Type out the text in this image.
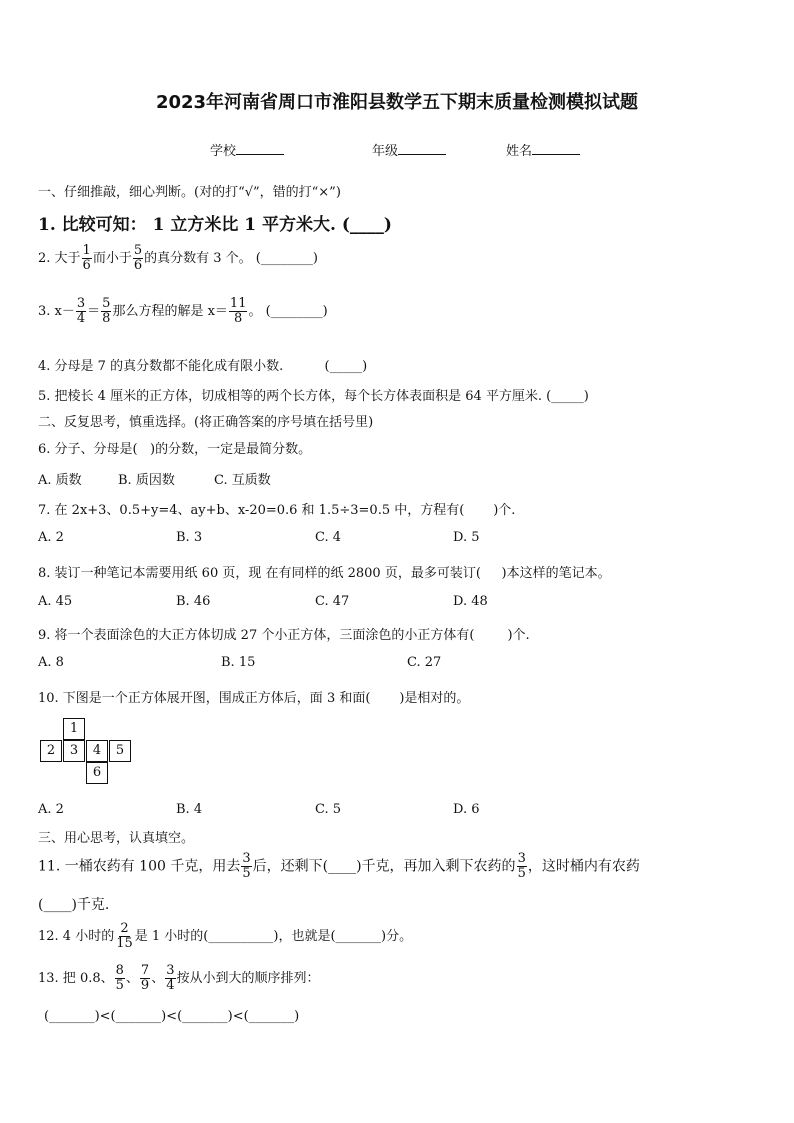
2023年河南省周口市淮阳县数学五下期末质量检测模拟试题
学校	年级	姓名
一、仔细推敲，细心判断。(对的打“√”，错的打“×”)
1. 比较可知： 1 立方米比 1 平方米大. (____)
2. 大于 $\frac{1}{6}$ 而小于 $\frac{5}{6}$ 的真分数有 3 个。 (________)
3. $x- \frac{3}{4} = \frac{5}{8}$ 那么方程的解是 $x= \frac{11}{8}$ 。 (________)
4. 分母是 7 的真分数都不能化成有限小数.          (_____)
5. 把棱长 4 厘米的正方体，切成相等的两个长方体，每个长方体表面积是 64 平方厘米. (_____)
二、反复思考，慎重选择。(将正确答案的序号填在括号里)
6. 分子、分母是(   )的分数，一定是最简分数。
A. 质数	B. 质因数	C. 互质数
7. 在 2x+3、0.5+y=4、ay+b、x-20=0.6 和 1.5÷3=0.5 中，方程有(       )个.
A. 2	B. 3	C. 4	D. 5
8. 装订一种笔记本需要用纸 60 页，现 在有同样的纸 2800 页，最多可装订(     )本这样的笔记本。
A. 45	B. 46	C. 47	D. 48
9. 将一个表面涂色的大正方体切成 27 个小正方体，三面涂色的小正方体有(        )个.
A. 8	B. 15	C. 27
10. 下图是一个正方体展开图，围成正方体后，面 3 和面(       )是相对的。
1
2	3	4	5
6
A. 2	B. 4	C. 5	D. 6
三、用心思考，认真填空。
11. 一桶农药有 100 千克，用去 $\frac{3}{5}$ 后，还剩下(____)千克，再加入剩下农药的 $\frac{3}{5}$ ，这时桶内有农药
(____)千克.
12. 4 小时的 $\frac{2}{15}$ 是 1 小时的(__________)，也就是(_______)分。
13. 把 0.8、 $\frac{8}{5}$ 、 $\frac{7}{9}$ 、 $\frac{3}{4}$ 按从小到大的顺序排列：
(_______)<(_______)<(_______)<(_______)
